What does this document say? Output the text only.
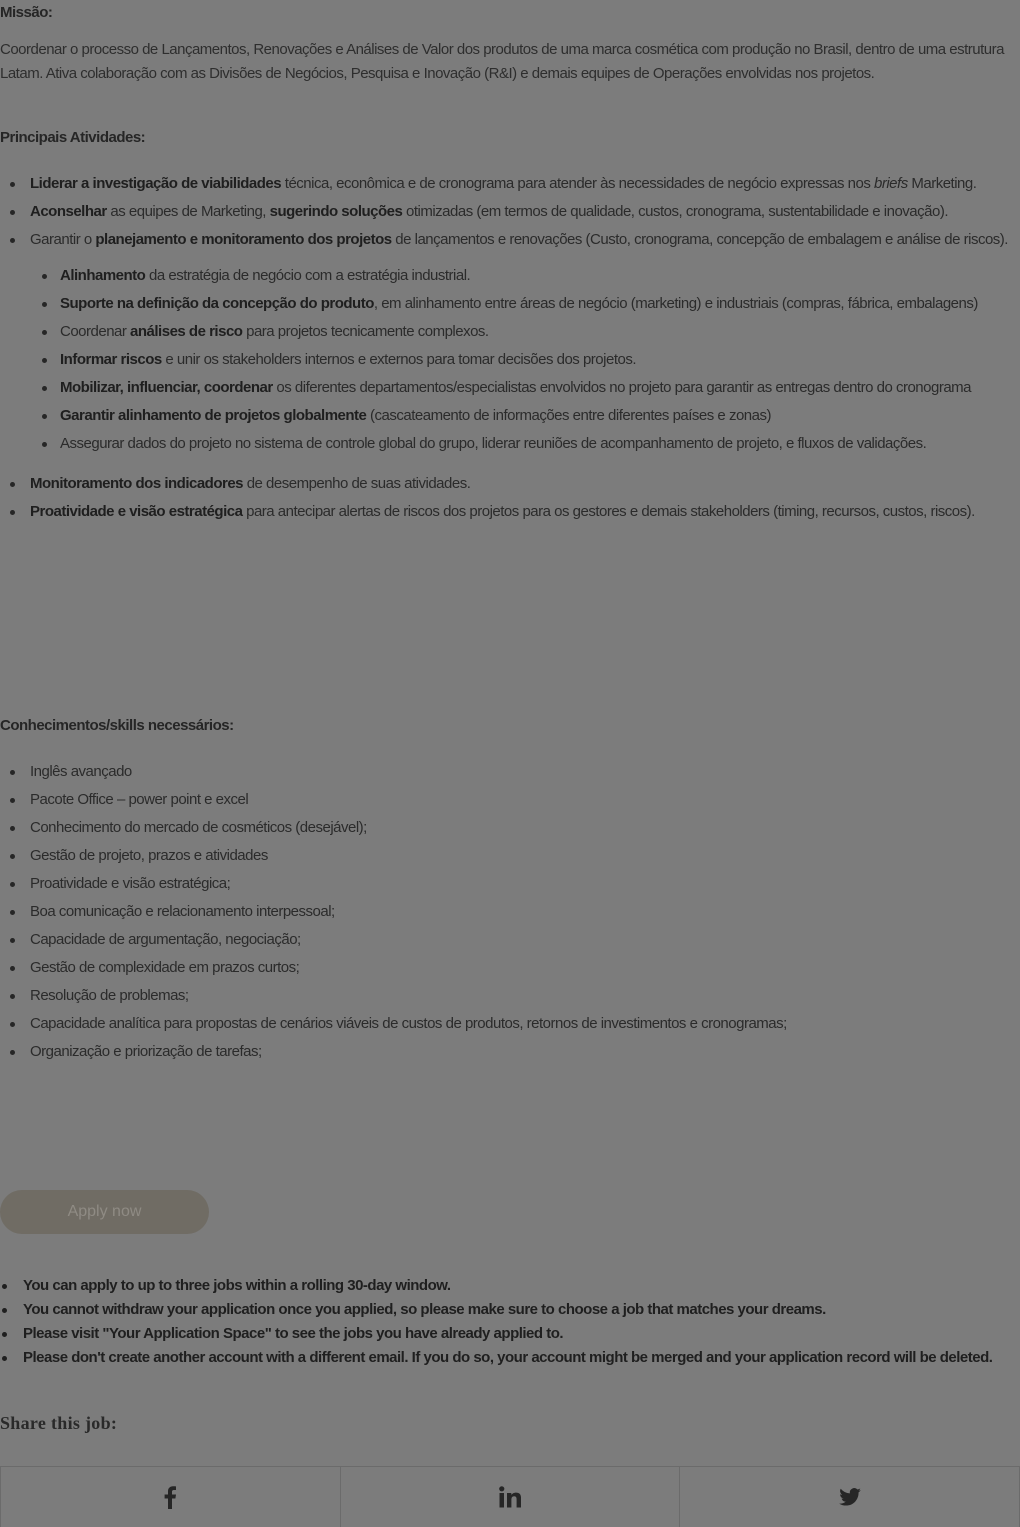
Missão:

Coordenar o processo de Lançamentos, Renovações e Análises de Valor dos produtos de uma marca cosmética com produção no Brasil, dentro de uma estrutura Latam. Ativa colaboração com as Divisões de Negócios, Pesquisa e Inovação (R&I) e demais equipes de Operações envolvidas nos projetos.

Principais Atividades:

Liderar a investigação de viabilidades técnica, econômica e de cronograma para atender às necessidades de negócio expressas nos briefs Marketing.
Aconselhar as equipes de Marketing, sugerindo soluções otimizadas (em termos de qualidade, custos, cronograma, sustentabilidade e inovação).
Garantir o planejamento e monitoramento dos projetos de lançamentos e renovações (Custo, cronograma, concepção de embalagem e análise de riscos).
Alinhamento da estratégia de negócio com a estratégia industrial.
Suporte na definição da concepção do produto, em alinhamento entre áreas de negócio (marketing) e industriais (compras, fábrica, embalagens)
Coordenar análises de risco para projetos tecnicamente complexos.
Informar riscos e unir os stakeholders internos e externos para tomar decisões dos projetos.
Mobilizar, influenciar, coordenar os diferentes departamentos/especialistas envolvidos no projeto para garantir as entregas dentro do cronograma
Garantir alinhamento de projetos globalmente (cascateamento de informações entre diferentes países e zonas)
Assegurar dados do projeto no sistema de controle global do grupo, liderar reuniões de acompanhamento de projeto, e fluxos de validações.
Monitoramento dos indicadores de desempenho de suas atividades.
Proatividade e visão estratégica para antecipar alertas de riscos dos projetos para os gestores e demais stakeholders (timing, recursos, custos, riscos).

Conhecimentos/skills necessários:

Inglês avançado
Pacote Office – power point e excel
Conhecimento do mercado de cosméticos (desejável);
Gestão de projeto, prazos e atividades
Proatividade e visão estratégica;
Boa comunicação e relacionamento interpessoal;
Capacidade de argumentação, negociação;
Gestão de complexidade em prazos curtos;
Resolução de problemas;
Capacidade analítica para propostas de cenários viáveis de custos de produtos, retornos de investimentos e cronogramas;
Organização e priorização de tarefas;
Apply now
You can apply to up to three jobs within a rolling 30-day window.
You cannot withdraw your application once you applied, so please make sure to choose a job that matches your dreams.
Please visit "Your Application Space" to see the jobs you have already applied to.
Please don't create another account with a different email. If you do so, your account might be merged and your application record will be deleted.
Share this job:
